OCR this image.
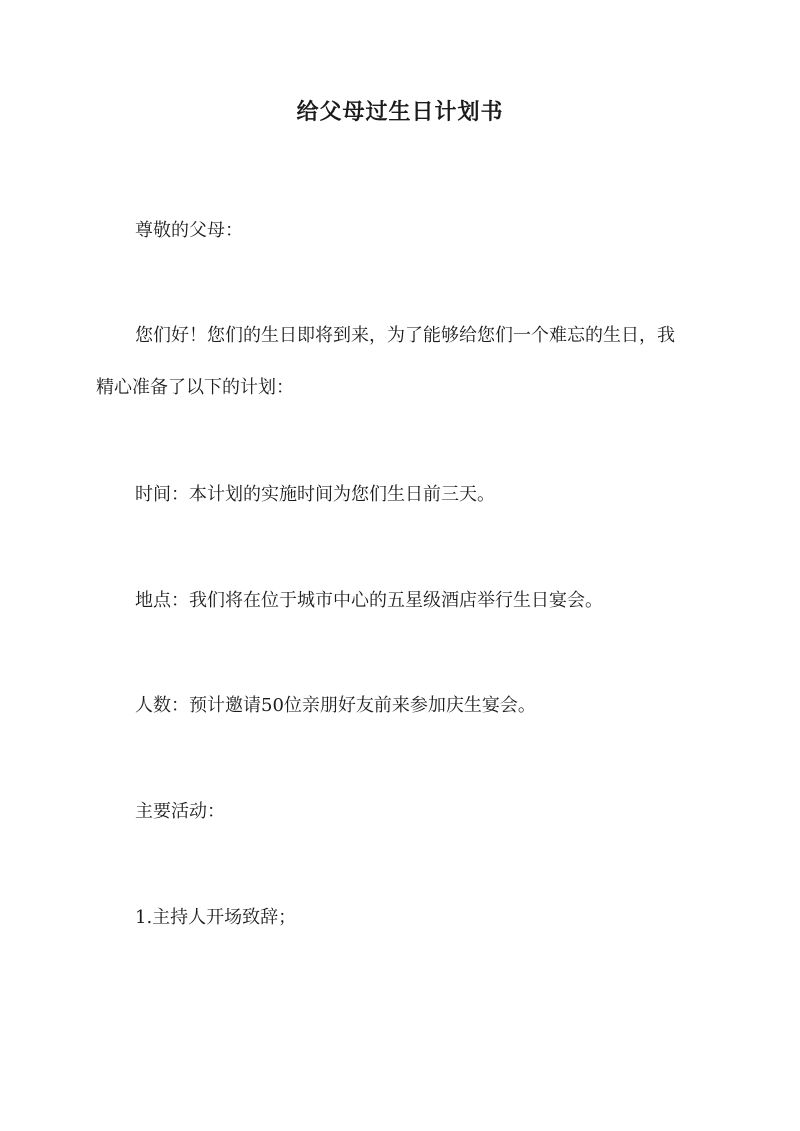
给父母过生日计划书
尊敬的父母：
您们好！您们的生日即将到来，为了能够给您们一个难忘的生日，我
精心准备了以下的计划：
时间：本计划的实施时间为您们生日前三天。
地点：我们将在位于城市中心的五星级酒店举行生日宴会。
人数：预计邀请50位亲朋好友前来参加庆生宴会。
主要活动：
1.主持人开场致辞；
